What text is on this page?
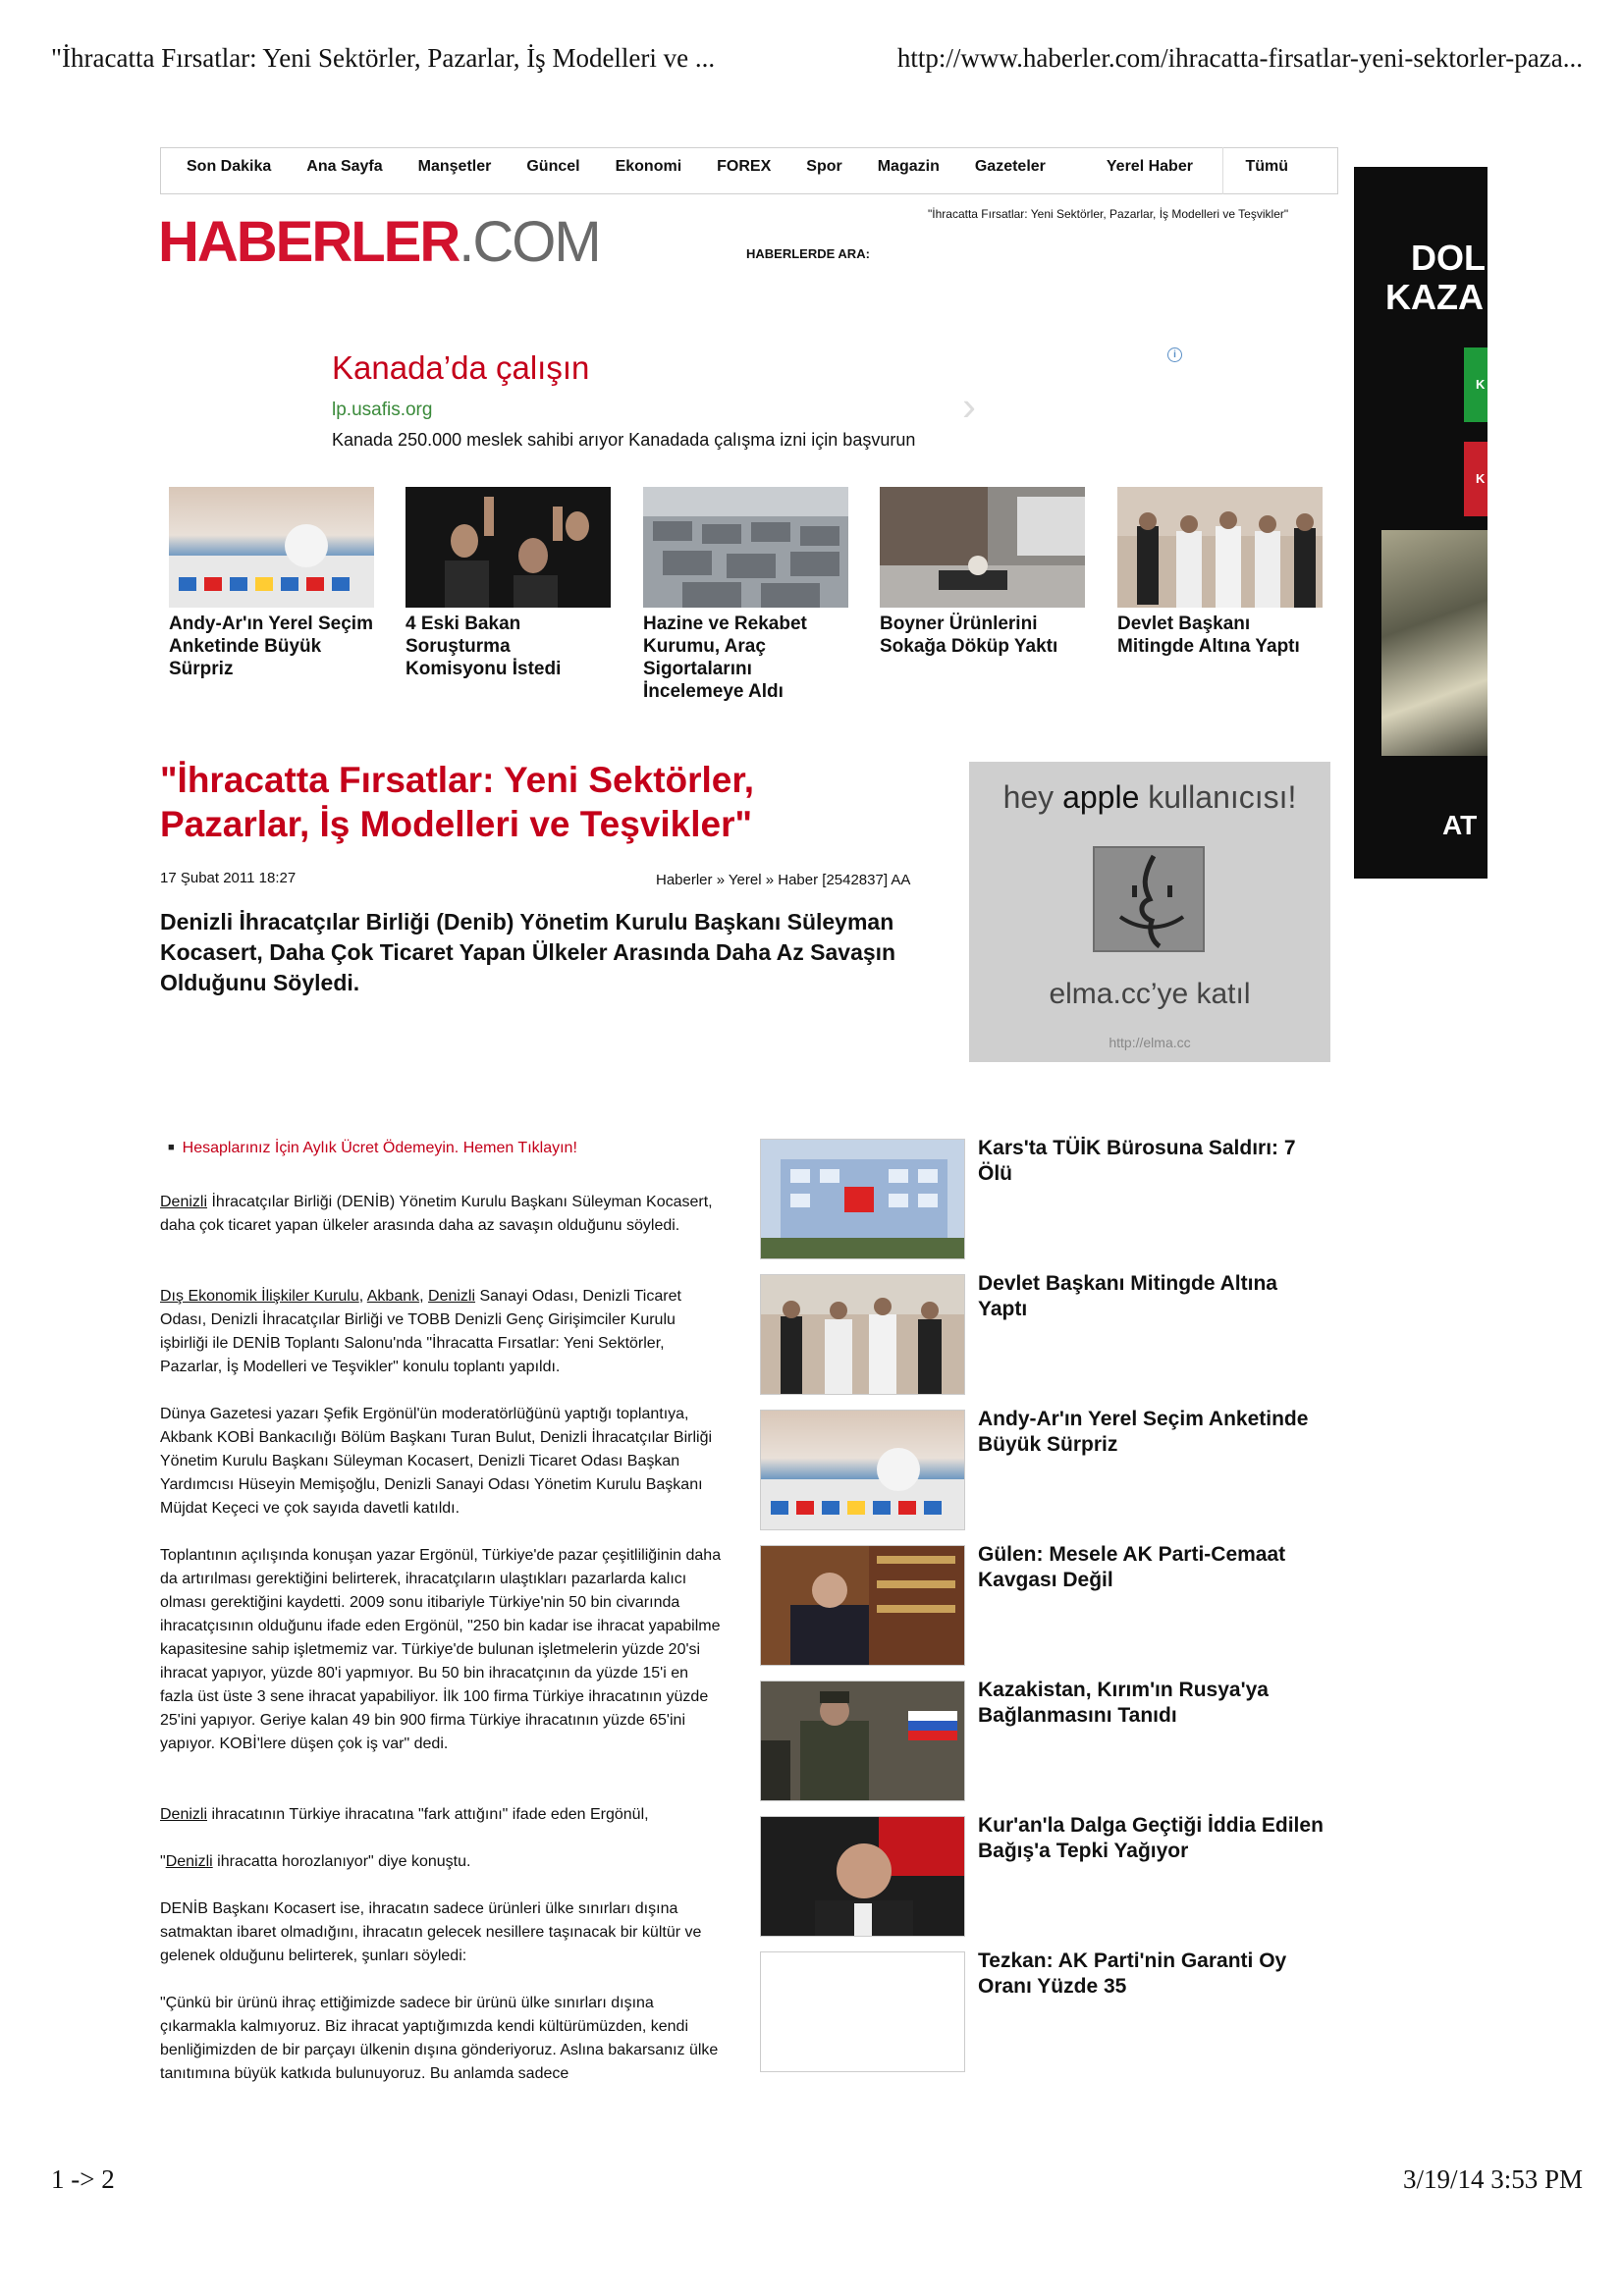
"İhracatta Fırsatlar: Yeni Sektörler, Pazarlar, İş Modelleri ve ...	http://www.haberler.com/ihracatta-firsatlar-yeni-sektorler-paza...
1 -> 2	3/19/14 3:53 PM
Son Dakika	Ana Sayfa	Manşetler	Güncel	Ekonomi	FOREX	Spor	Magazin	Gazeteler	Yerel Haber	Tümü
HABERLER.COM	"İhracatta Fırsatlar: Yeni Sektörler, Pazarlar, İş Modelleri ve Teşvikler"
HABERLERDE ARA:
Kanada’da çalışın
lp.usafis.org
Kanada 250.000 meslek sahibi arıyor Kanadada çalışma izni için başvurun
i
›
DOL
KAZA
K
K
AT
Andy-Ar'ın Yerel Seçim Anketinde Büyük Sürpriz
4 Eski Bakan Soruşturma Komisyonu İstedi
Hazine ve Rekabet Kurumu, Araç Sigortalarını İncelemeye Aldı
Boyner Ürünlerini Sokağa Döküp Yaktı
Devlet Başkanı Mitingde Altına Yaptı
"İhracatta Fırsatlar: Yeni Sektörler, Pazarlar, İş Modelleri ve Teşvikler"
17 Şubat 2011 18:27	Haberler » Yerel » Haber [2542837] AA
Denizli İhracatçılar Birliği (Denib) Yönetim Kurulu Başkanı Süleyman Kocasert, Daha Çok Ticaret Yapan Ülkeler Arasında Daha Az Savaşın Olduğunu Söyledi.
hey apple kullanıcısı!
elma.cc’ye katıl
http://elma.cc
■ Hesaplarınız İçin Aylık Ücret Ödemeyin. Hemen Tıklayın!
Denizli İhracatçılar Birliği (DENİB) Yönetim Kurulu Başkanı Süleyman Kocasert, daha çok ticaret yapan ülkeler arasında daha az savaşın olduğunu söyledi.
Dış Ekonomik İlişkiler Kurulu, Akbank, Denizli Sanayi Odası, Denizli Ticaret Odası, Denizli İhracatçılar Birliği ve TOBB Denizli Genç Girişimciler Kurulu işbirliği ile DENİB Toplantı Salonu'nda "İhracatta Fırsatlar: Yeni Sektörler, Pazarlar, İş Modelleri ve Teşvikler" konulu toplantı yapıldı.
Dünya Gazetesi yazarı Şefik Ergönül'ün moderatörlüğünü yaptığı toplantıya, Akbank KOBİ Bankacılığı Bölüm Başkanı Turan Bulut, Denizli İhracatçılar Birliği Yönetim Kurulu Başkanı Süleyman Kocasert, Denizli Ticaret Odası Başkan Yardımcısı Hüseyin Memişoğlu, Denizli Sanayi Odası Yönetim Kurulu Başkanı Müjdat Keçeci ve çok sayıda davetli katıldı.
Toplantının açılışında konuşan yazar Ergönül, Türkiye'de pazar çeşitliliğinin daha da artırılması gerektiğini belirterek, ihracatçıların ulaştıkları pazarlarda kalıcı olması gerektiğini kaydetti. 2009 sonu itibariyle Türkiye'nin 50 bin civarında ihracatçısının olduğunu ifade eden Ergönül, "250 bin kadar ise ihracat yapabilme kapasitesine sahip işletmemiz var. Türkiye'de bulunan işletmelerin yüzde 20'si ihracat yapıyor, yüzde 80'i yapmıyor. Bu 50 bin ihracatçının da yüzde 15'i en fazla üst üste 3 sene ihracat yapabiliyor. İlk 100 firma Türkiye ihracatının yüzde 25'ini yapıyor. Geriye kalan 49 bin 900 firma Türkiye ihracatının yüzde 65'ini yapıyor. KOBİ'lere düşen çok iş var" dedi.
Denizli ihracatının Türkiye ihracatına "fark attığını" ifade eden Ergönül,
"Denizli ihracatta horozlanıyor" diye konuştu.
DENİB Başkanı Kocasert ise, ihracatın sadece ürünleri ülke sınırları dışına satmaktan ibaret olmadığını, ihracatın gelecek nesillere taşınacak bir kültür ve gelenek olduğunu belirterek, şunları söyledi:
"Çünkü bir ürünü ihraç ettiğimizde sadece bir ürünü ülke sınırları dışına çıkarmakla kalmıyoruz. Biz ihracat yaptığımızda kendi kültürümüzden, kendi benliğimizden de bir parçayı ülkenin dışına gönderiyoruz. Aslına bakarsanız ülke tanıtımına büyük katkıda bulunuyoruz. Bu anlamda sadece
Kars'ta TÜİK Bürosuna Saldırı: 7 Ölü
Devlet Başkanı Mitingde Altına Yaptı
Andy-Ar'ın Yerel Seçim Anketinde Büyük Sürpriz
Gülen: Mesele AK Parti-Cemaat Kavgası Değil
Kazakistan, Kırım'ın Rusya'ya Bağlanmasını Tanıdı
Kur'an'la Dalga Geçtiği İddia Edilen Bağış'a Tepki Yağıyor
Tezkan: AK Parti'nin Garanti Oy Oranı Yüzde 35
